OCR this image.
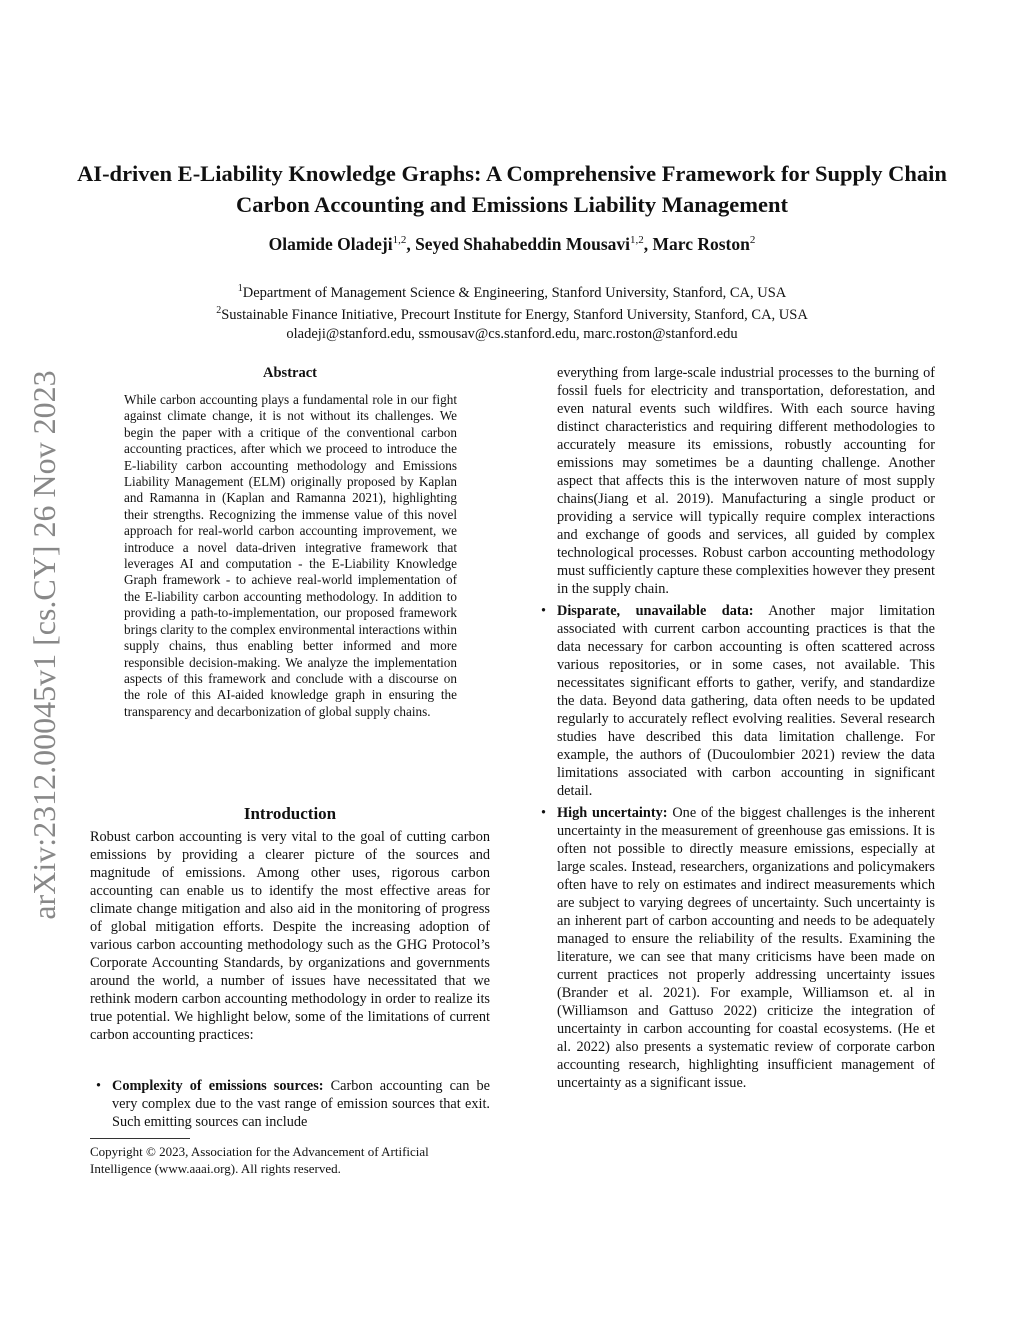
arXiv:2312.00045v1 [cs.CY] 26 Nov 2023
AI-driven E-Liability Knowledge Graphs: A Comprehensive Framework for Supply Chain Carbon Accounting and Emissions Liability Management
Olamide Oladeji$^{1,2}$, Seyed Shahabeddin Mousavi$^{1,2}$, Marc Roston$^2$
$^1$Department of Management Science & Engineering, Stanford University, Stanford, CA, USA
$^2$Sustainable Finance Initiative, Precourt Institute for Energy, Stanford University, Stanford, CA, USA
oladeji@stanford.edu, ssmousav@cs.stanford.edu, marc.roston@stanford.edu
Abstract

While carbon accounting plays a fundamental role in our fight against climate change, it is not without its challenges. We begin the paper with a critique of the conventional carbon accounting practices, after which we proceed to introduce the E-liability carbon accounting methodology and Emissions Liability Management (ELM) originally proposed by Kaplan and Ramanna in (Kaplan and Ramanna 2021), highlighting their strengths. Recognizing the immense value of this novel approach for real-world carbon accounting improvement, we introduce a novel data-driven integrative framework that leverages AI and computation - the E-Liability Knowledge Graph framework - to achieve real-world implementation of the E-liability carbon accounting methodology. In addition to providing a path-to-implementation, our proposed framework brings clarity to the complex environmental interactions within supply chains, thus enabling better informed and more responsible decision-making. We analyze the implementation aspects of this framework and conclude with a discourse on the role of this AI-aided knowledge graph in ensuring the transparency and decarbonization of global supply chains.

Introduction

Robust carbon accounting is very vital to the goal of cutting carbon emissions by providing a clearer picture of the sources and magnitude of emissions. Among other uses, rigorous carbon accounting can enable us to identify the most effective areas for climate change mitigation and also aid in the monitoring of progress of global mitigation efforts. Despite the increasing adoption of various carbon accounting methodology such as the GHG Protocol’s Corporate Accounting Standards, by organizations and governments around the world, a number of issues have necessitated that we rethink modern carbon accounting methodology in order to realize its true potential. We highlight below, some of the limitations of current carbon accounting practices:

• Complexity of emissions sources: Carbon accounting can be very complex due to the vast range of emission sources that exit. Such emitting sources can include

Copyright © 2023, Association for the Advancement of Artificial Intelligence (www.aaai.org). All rights reserved.

everything from large-scale industrial processes to the burning of fossil fuels for electricity and transportation, deforestation, and even natural events such wildfires. With each source having distinct characteristics and requiring different methodologies to accurately measure its emissions, robustly accounting for emissions may sometimes be a daunting challenge. Another aspect that affects this is the interwoven nature of most supply chains(Jiang et al. 2019). Manufacturing a single product or providing a service will typically require complex interactions and exchange of goods and services, all guided by complex technological processes. Robust carbon accounting methodology must sufficiently capture these complexities however they present in the supply chain.

• Disparate, unavailable data: Another major limitation associated with current carbon accounting practices is that the data necessary for carbon accounting is often scattered across various repositories, or in some cases, not available. This necessitates significant efforts to gather, verify, and standardize the data. Beyond data gathering, data often needs to be updated regularly to accurately reflect evolving realities. Several research studies have described this data limitation challenge. For example, the authors of (Ducoulombier 2021) review the data limitations associated with carbon accounting in significant detail.
• High uncertainty: One of the biggest challenges is the inherent uncertainty in the measurement of greenhouse gas emissions. It is often not possible to directly measure emissions, especially at large scales. Instead, researchers, organizations and policymakers often have to rely on estimates and indirect measurements which are subject to varying degrees of uncertainty. Such uncertainty is an inherent part of carbon accounting and needs to be adequately managed to ensure the reliability of the results. Examining the literature, we can see that many criticisms have been made on current practices not properly addressing uncertainty issues (Brander et al. 2021). For example, Williamson et. al in (Williamson and Gattuso 2022) criticize the integration of uncertainty in carbon accounting for coastal ecosystems. (He et al. 2022) also presents a systematic review of corporate carbon accounting research, highlighting insufficient management of uncertainty as a significant issue.
